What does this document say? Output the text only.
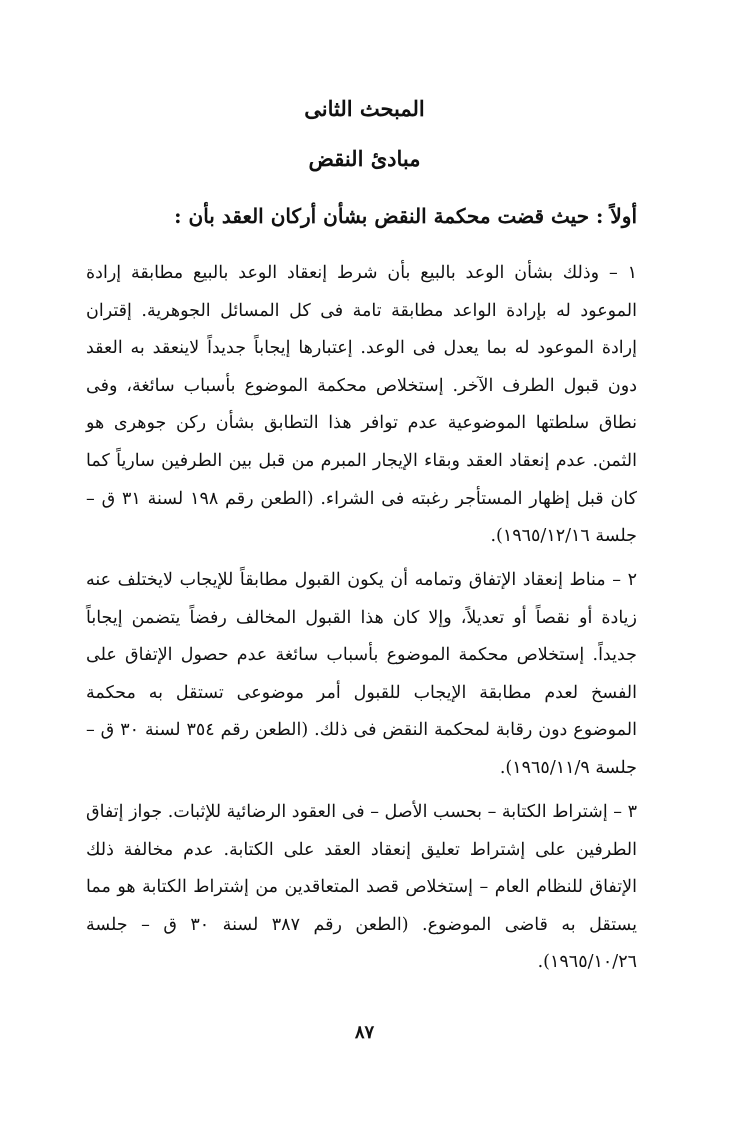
المبحث الثانى
مبادئ النقض
أولاً : حيث قضت محكمة النقض بشأن أركان العقد بأن :
١ – وذلك بشأن الوعد بالبيع بأن شرط إنعقاد الوعد بالبيع مطابقة إرادة الموعود له بإرادة الواعد مطابقة تامة فى كل المسائل الجوهرية. إقتران إرادة الموعود له بما يعدل فى الوعد. إعتبارها إيجاباً جديداً لاينعقد به العقد دون قبول الطرف الآخر. إستخلاص محكمة الموضوع بأسباب سائغة، وفى نطاق سلطتها الموضوعية عدم توافر هذا التطابق بشأن ركن جوهرى هو الثمن. عدم إنعقاد العقد وبقاء الإيجار المبرم من قبل بين الطرفين سارياً كما كان قبل إظهار المستأجر رغبته فى الشراء. (الطعن رقم ١٩٨ لسنة ٣١ ق – جلسة ١٩٦٥/١٢/١٦).
٢ – مناط إنعقاد الإتفاق وتمامه أن يكون القبول مطابقاً للإيجاب لايختلف عنه زيادة أو نقصاً أو تعديلاً، وإلا كان هذا القبول المخالف رفضاً يتضمن إيجاباً جديداً. إستخلاص محكمة الموضوع بأسباب سائغة عدم حصول الإتفاق على الفسخ لعدم مطابقة الإيجاب للقبول أمر موضوعى تستقل به محكمة الموضوع دون رقابة لمحكمة النقض فى ذلك. (الطعن رقم ٣٥٤ لسنة ٣٠ ق – جلسة ١٩٦٥/١١/٩).
٣ – إشتراط الكتابة – بحسب الأصل – فى العقود الرضائية للإثبات. جواز إتفاق الطرفين على إشتراط تعليق إنعقاد العقد على الكتابة. عدم مخالفة ذلك الإتفاق للنظام العام – إستخلاص قصد المتعاقدين من إشتراط الكتابة هو مما يستقل به قاضى الموضوع. (الطعن رقم ٣٨٧ لسنة ٣٠ ق – جلسة ١٩٦٥/١٠/٢٦).
٨٧
